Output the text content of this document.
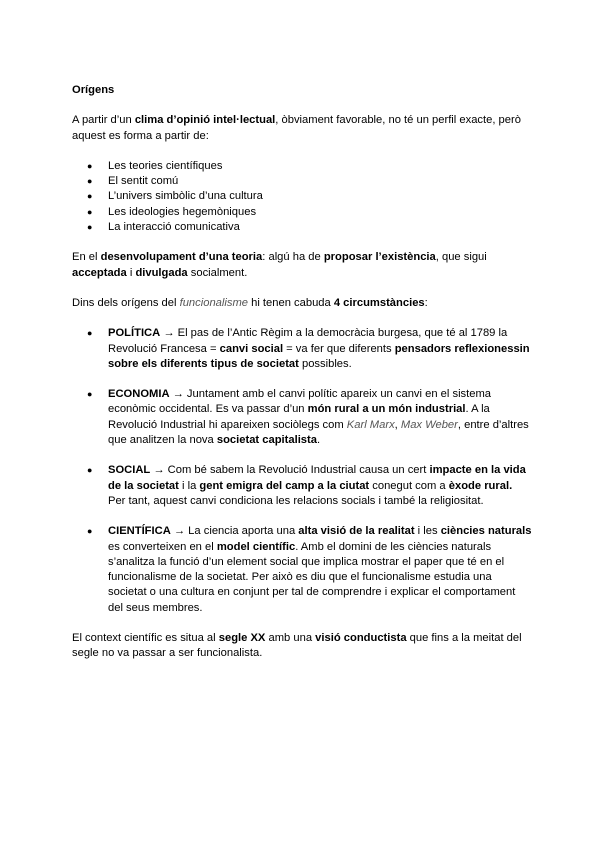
Orígens

A partir d’un clima d’opinió intel·lectual, òbviament favorable, no té un perfil exacte, però aquest es forma a partir de:

● Les teories científiques
● El sentit comú
● L’univers simbòlic d’una cultura
● Les ideologies hegemòniques
● La interacció comunicativa

En el desenvolupament d’una teoria: algú ha de proposar l’existència, que sigui acceptada i divulgada socialment.

Dins dels orígens del funcionalisme hi tenen cabuda 4 circumstàncies:

● POLÍTICA → El pas de l’Antic Règim a la democràcia burgesa, que té al 1789 la Revolució Francesa = canvi social = va fer que diferents pensadors reflexionessin sobre els diferents tipus de societat possibles.
● ECONOMIA → Juntament amb el canvi polític apareix un canvi en el sistema econòmic occidental. Es va passar d’un món rural a un món industrial. A la Revolució Industrial hi apareixen sociòlegs com Karl Marx, Max Weber, entre d’altres que analitzen la nova societat capitalista.
● SOCIAL → Com bé sabem la Revolució Industrial causa un cert impacte en la vida de la societat i la gent emigra del camp a la ciutat conegut com a èxode rural. Per tant, aquest canvi condiciona les relacions socials i també la religiositat.
● CIENTÍFICA → La ciencia aporta una alta visió de la realitat i les ciències naturals es converteixen en el model científic. Amb el domini de les ciències naturals s’analitza la funció d’un element social que implica mostrar el paper que té en el funcionalisme de la societat. Per això es diu que el funcionalisme estudia una societat o una cultura en conjunt per tal de comprendre i explicar el comportament del seus membres.

El context científic es situa al segle XX amb una visió conductista que fins a la meitat del segle no va passar a ser funcionalista.
